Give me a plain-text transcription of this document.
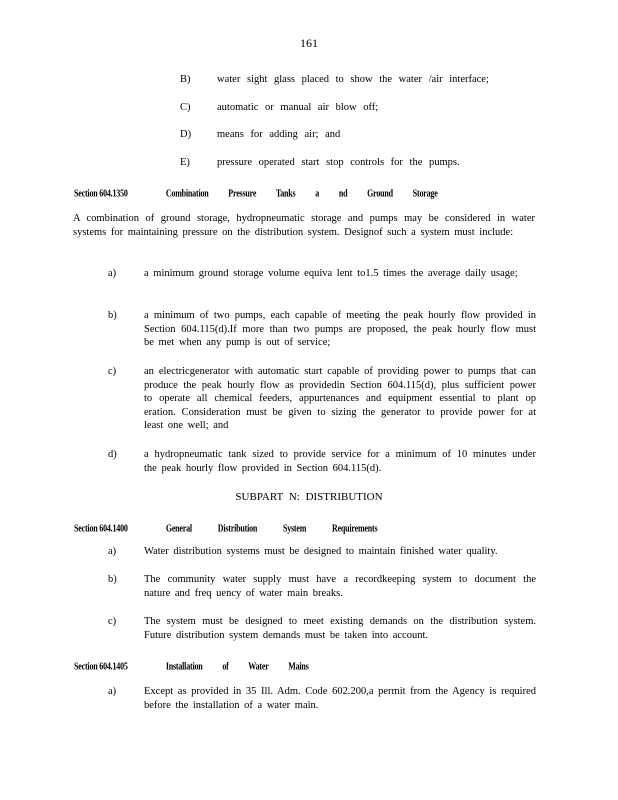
161
B)	water sight glass placed to show the water /air interface;
C)	automatic or manual air blow off;
D) means for adding air; and
E)	pressure operated start stop controls for the pumps.
Section 604.1350	Combination Pressure Tanks a nd Ground Storage
A combination of ground storage, hydropneumatic storage and pumps may be considered in water systems for maintaining pressure on the distribution system. Designof such a system must include:
a)	a minimum ground storage volume equiva lent to1.5 times the average daily usage;
b)	a minimum of two pumps, each capable of meeting the peak hourly flow provided in Section 604.115(d).If more than two pumps are proposed, the peak hourly flow must be met when any pump is out of service;
c)	an electricgenerator with automatic start capable of providing power to pumps that can produce the peak hourly flow as providedin Section 604.115(d), plus sufficient power to operate all chemical feeders, appurtenances and equipment essential to plant op eration. Consideration must be given to sizing the generator to provide power for at least one well; and
d)	a hydropneumatic tank sized to provide service for a minimum of 10 minutes under the peak hourly flow provided in Section 604.115(d).
SUBPART N: DISTRIBUTION
Section 604.1400	General Distribution System Requirements
a)	Water distribution systems must be designed to maintain finished water quality.
b)	The community water supply must have a recordkeeping system to document the nature and freq uency of water main breaks.
c)	The system must be designed to meet existing demands on the distribution system. Future distribution system demands must be taken into account.
Section 604.1405	Installation of Water Mains
a)	Except as provided in 35 Ill. Adm. Code 602.200,a permit from the Agency is required before the installation of a water main.
